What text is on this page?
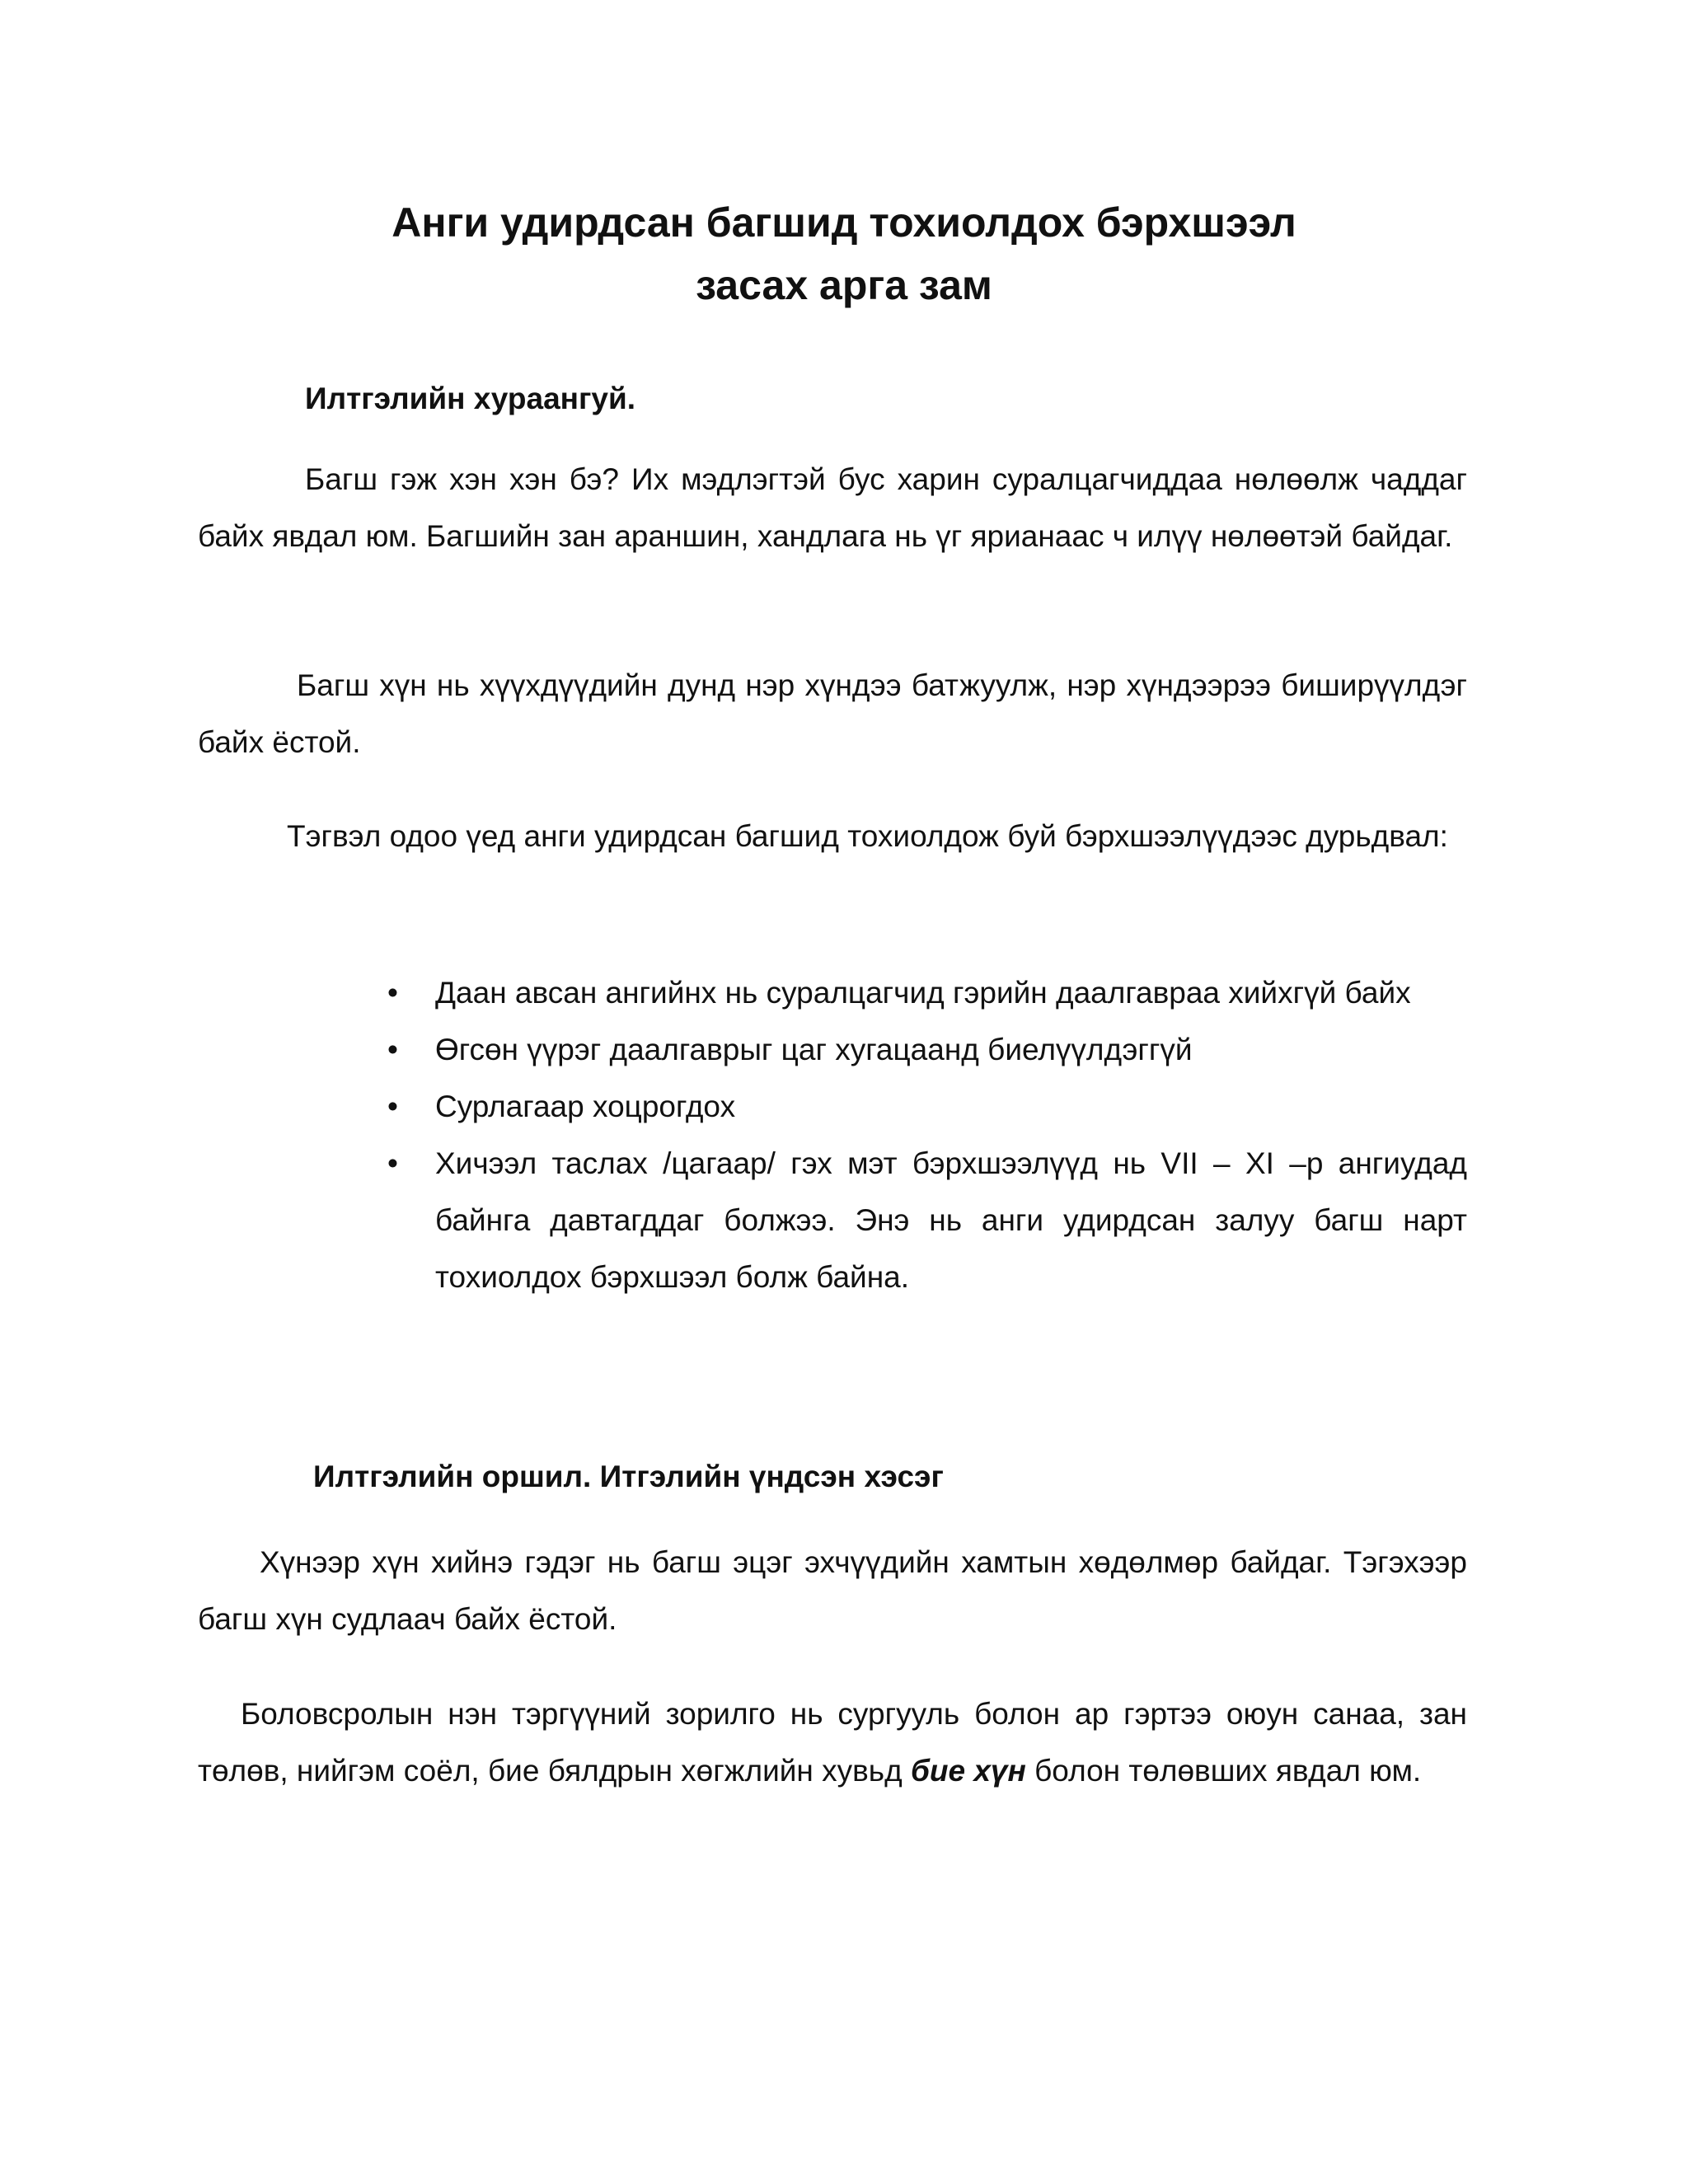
Анги удирдсан багшид тохиолдох бэрхшээл
засах арга зам
Илтгэлийн хураангуй.
Багш гэж хэн хэн бэ? Их мэдлэгтэй бус харин суралцагчиддаа нөлөөлж чаддаг байх явдал юм. Багшийн зан араншин, хандлага нь үг ярианаас ч илүү нөлөөтэй байдаг.
Багш хүн нь хүүхдүүдийн дунд нэр хүндээ батжуулж, нэр хүндээрээ биширүүлдэг байх ёстой.
Тэгвэл одоо үед анги удирдсан багшид тохиолдож буй бэрхшээлүүдээс дурьдвал:
•	Даан авсан ангийнх нь суралцагчид гэрийн даалгавраа хийхгүй байх
•	Өгсөн үүрэг даалгаврыг цаг хугацаанд биелүүлдэггүй
•	Сурлагаар хоцрогдох
•	Хичээл таслах /цагаар/ гэх мэт бэрхшээлүүд нь VII – XI –р ангиудад байнга давтагддаг болжээ. Энэ нь анги удирдсан залуу багш нарт тохиолдох бэрхшээл болж байна.
Илтгэлийн оршил. Итгэлийн үндсэн хэсэг
Хүнээр хүн хийнэ гэдэг нь багш эцэг эхчүүдийн хамтын хөдөлмөр байдаг. Тэгэхээр багш хүн судлаач байх ёстой.
Боловсролын нэн тэргүүний зорилго нь сургууль болон ар гэртээ оюун санаа, зан төлөв, нийгэм соёл, бие бялдрын хөгжлийн хувьд бие хүн болон төлөвших явдал юм.
